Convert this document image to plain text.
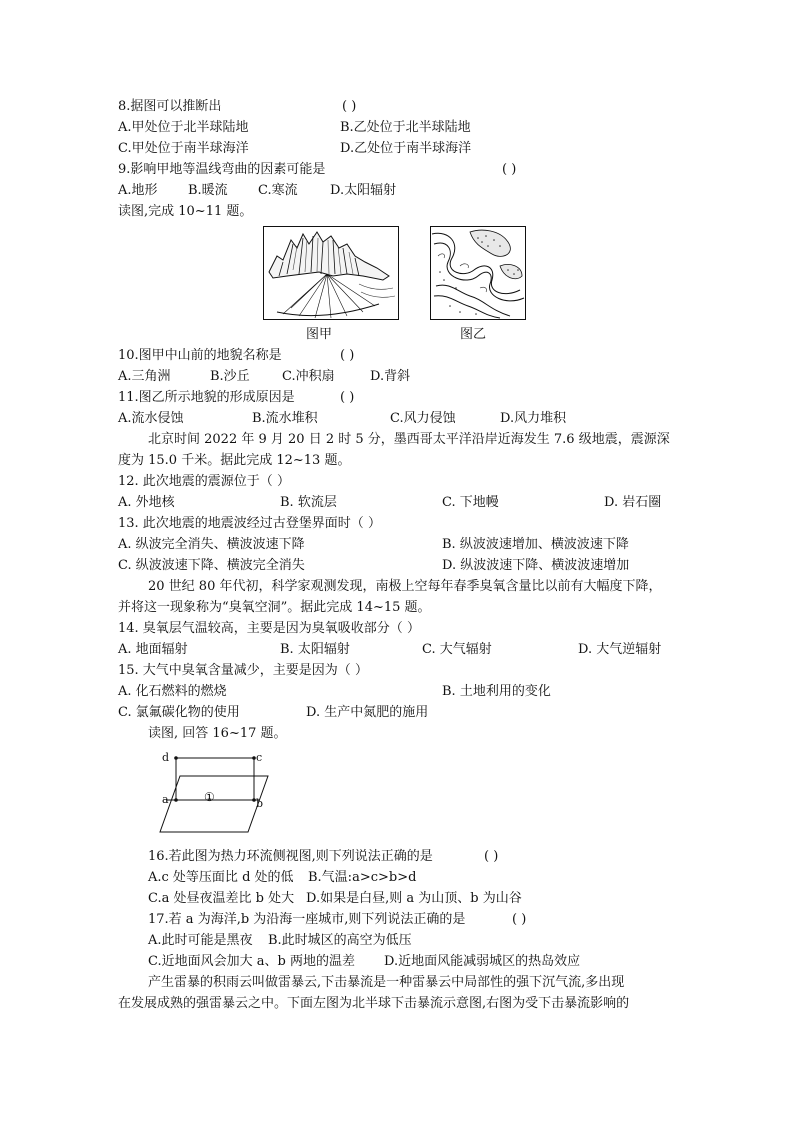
8.据图可以推断出	( )
A.甲处位于北半球陆地	B.乙处位于北半球陆地
C.甲处位于南半球海洋	D.乙处位于南半球海洋
9.影响甲地等温线弯曲的因素可能是	( )
A.地形 B.暖流 C.寒流 D.太阳辐射
读图,完成 10~11 题。
图甲	图乙
10.图甲中山前的地貌名称是	( )
A.三角洲	B.沙丘 C.冲积扇	D.背斜
11.图乙所示地貌的形成原因是	( )
A.流水侵蚀	B.流水堆积	C.风力侵蚀	D.风力堆积
北京时间 2022 年 9 月 20 日 2 时 5 分，墨西哥太平洋沿岸近海发生 7.6 级地震，震源深
度为 15.0 千米。据此完成 12~13 题。
12. 此次地震的震源位于（ ）
A. 外地核	B. 软流层	C. 下地幔	D. 岩石圈
13. 此次地震的地震波经过古登堡界面时（ ）
A. 纵波完全消失、横波波速下降	B. 纵波波速增加、横波波速下降
C. 纵波波速下降、横波完全消失	D. 纵波波速下降、横波波速增加
20 世纪 80 年代初，科学家观测发现，南极上空每年春季臭氧含量比以前有大幅度下降，
并将这一现象称为“臭氧空洞”。据此完成 14~15 题。
14. 臭氧层气温较高，主要是因为臭氧吸收部分（ ）
A. 地面辐射	B. 太阳辐射	C. 大气辐射	D. 大气逆辐射
15. 大气中臭氧含量减少，主要是因为（ ）
A. 化石燃料的燃烧	B. 土地利用的变化
C. 氯氟碳化物的使用	D. 生产中氮肥的施用
读图, 回答 16~17 题。
d	c
a	b
①
16.若此图为热力环流侧视图,则下列说法正确的是	( )
A.c 处等压面比 d 处的低 B.气温:a>c>b>d
C.a 处昼夜温差比 b 处大 D.如果是白昼,则 a 为山顶、b 为山谷
17.若 a 为海洋,b 为沿海一座城市,则下列说法正确的是	( )
A.此时可能是黑夜 B.此时城区的高空为低压
C.近地面风会加大 a、b 两地的温差 D.近地面风能减弱城区的热岛效应
产生雷暴的积雨云叫做雷暴云,下击暴流是一种雷暴云中局部性的强下沉气流,多出现
在发展成熟的强雷暴云之中。下面左图为北半球下击暴流示意图,右图为受下击暴流影响的
